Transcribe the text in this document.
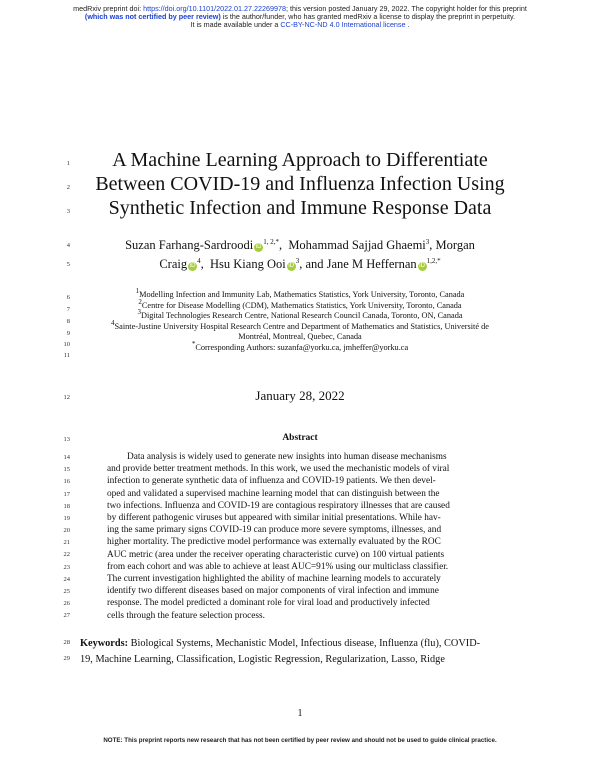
medRxiv preprint doi: https://doi.org/10.1101/2022.01.27.22269978; this version posted January 29, 2022. The copyright holder for this preprint
(which was not certified by peer review) is the author/funder, who has granted medRxiv a license to display the preprint in perpetuity.
It is made available under a CC-BY-NC-ND 4.0 International license .
1
2
3
4
5
6
7
8
9
10
11
12
13
14
15
16
17
18
19
20
21
22
23
24
25
26
27
28
29
A Machine Learning Approach to Differentiate
Between COVID-19 and Influenza Infection Using
Synthetic Infection and Immune Response Data
Suzan Farhang-Sardroodi $iD^{1, 2,*}$,  Mohammad Sajjad Ghaemi$^3$, Morgan
Craig $iD^4$,  Hsu Kiang Ooi $iD^3$, and Jane M Heffernan $iD^{1,2,*}$
$^1$Modelling Infection and Immunity Lab, Mathematics Statistics, York University, Toronto, Canada
$^2$Centre for Disease Modelling (CDM), Mathematics Statistics, York University, Toronto, Canada
$^3$Digital Technologies Research Centre, National Research Council Canada, Toronto, ON, Canada
$^4$Sainte-Justine University Hospital Research Centre and Department of Mathematics and Statistics, Université de
Montréal, Montreal, Quebec, Canada
*Corresponding Authors: suzanfa@yorku.ca, jmheffer@yorku.ca
January 28, 2022
Abstract
Data analysis is widely used to generate new insights into human disease mechanisms
and provide better treatment methods. In this work, we used the mechanistic models of viral
infection to generate synthetic data of influenza and COVID-19 patients. We then devel-
oped and validated a supervised machine learning model that can distinguish between the
two infections. Influenza and COVID-19 are contagious respiratory illnesses that are caused
by different pathogenic viruses but appeared with similar initial presentations. While hav-
ing the same primary signs COVID-19 can produce more severe symptoms, illnesses, and
higher mortality. The predictive model performance was externally evaluated by the ROC
AUC metric (area under the receiver operating characteristic curve) on 100 virtual patients
from each cohort and was able to achieve at least AUC=91% using our multiclass classifier.
The current investigation highlighted the ability of machine learning models to accurately
identify two different diseases based on major components of viral infection and immune
response. The model predicted a dominant role for viral load and productively infected
cells through the feature selection process.
Keywords: Biological Systems, Mechanistic Model, Infectious disease, Influenza (flu), COVID-
19, Machine Learning, Classification, Logistic Regression, Regularization, Lasso, Ridge
1
NOTE: This preprint reports new research that has not been certified by peer review and should not be used to guide clinical practice.
